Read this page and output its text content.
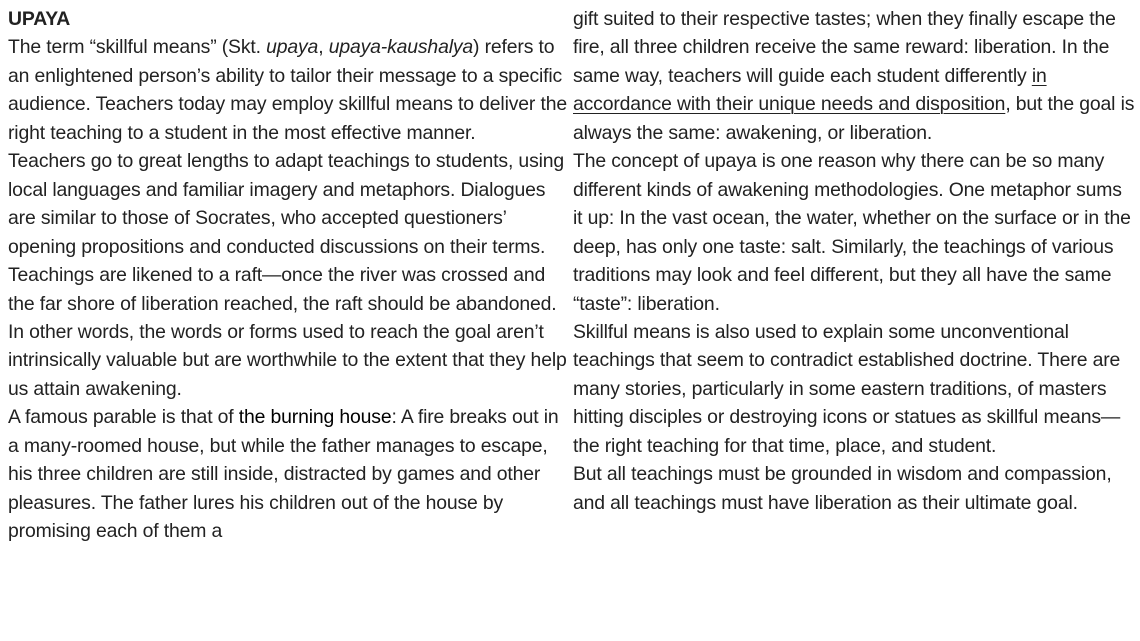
UPAYA

The term “skillful means” (Skt. upaya, upaya-kaushalya) refers to an enlightened person’s ability to tailor their message to a specific audience. Teachers today may employ skillful means to deliver the right teaching to a student in the most effective manner.

Teachers go to great lengths to adapt teachings to students, using local languages and familiar imagery and metaphors. Dialogues are similar to those of Socrates, who accepted questioners’ opening propositions and conducted discussions on their terms.

Teachings are likened to a raft—once the river was crossed and the far shore of liberation reached, the raft should be abandoned. In other words, the words or forms used to reach the goal aren’t intrinsically valuable but are worthwhile to the extent that they help us attain awakening.

A famous parable is that of the burning house: A fire breaks out in a many-roomed house, but while the father manages to escape, his three children are still inside, distracted by games and other pleasures. The father lures his children out of the house by promising each of them a

gift suited to their respective tastes; when they finally escape the fire, all three children receive the same reward: liberation. In the same way, teachers will guide each student differently in accordance with their unique needs and disposition, but the goal is always the same: awakening, or liberation.

The concept of upaya is one reason why there can be so many different kinds of awakening methodologies. One metaphor sums it up: In the vast ocean, the water, whether on the surface or in the deep, has only one taste: salt. Similarly, the teachings of various traditions may look and feel different, but they all have the same “taste”: liberation.

Skillful means is also used to explain some unconventional teachings that seem to contradict established doctrine. There are many stories, particularly in some eastern traditions, of masters hitting disciples or destroying icons or statues as skillful means—the right teaching for that time, place, and student.

But all teachings must be grounded in wisdom and compassion, and all teachings must have liberation as their ultimate goal.
